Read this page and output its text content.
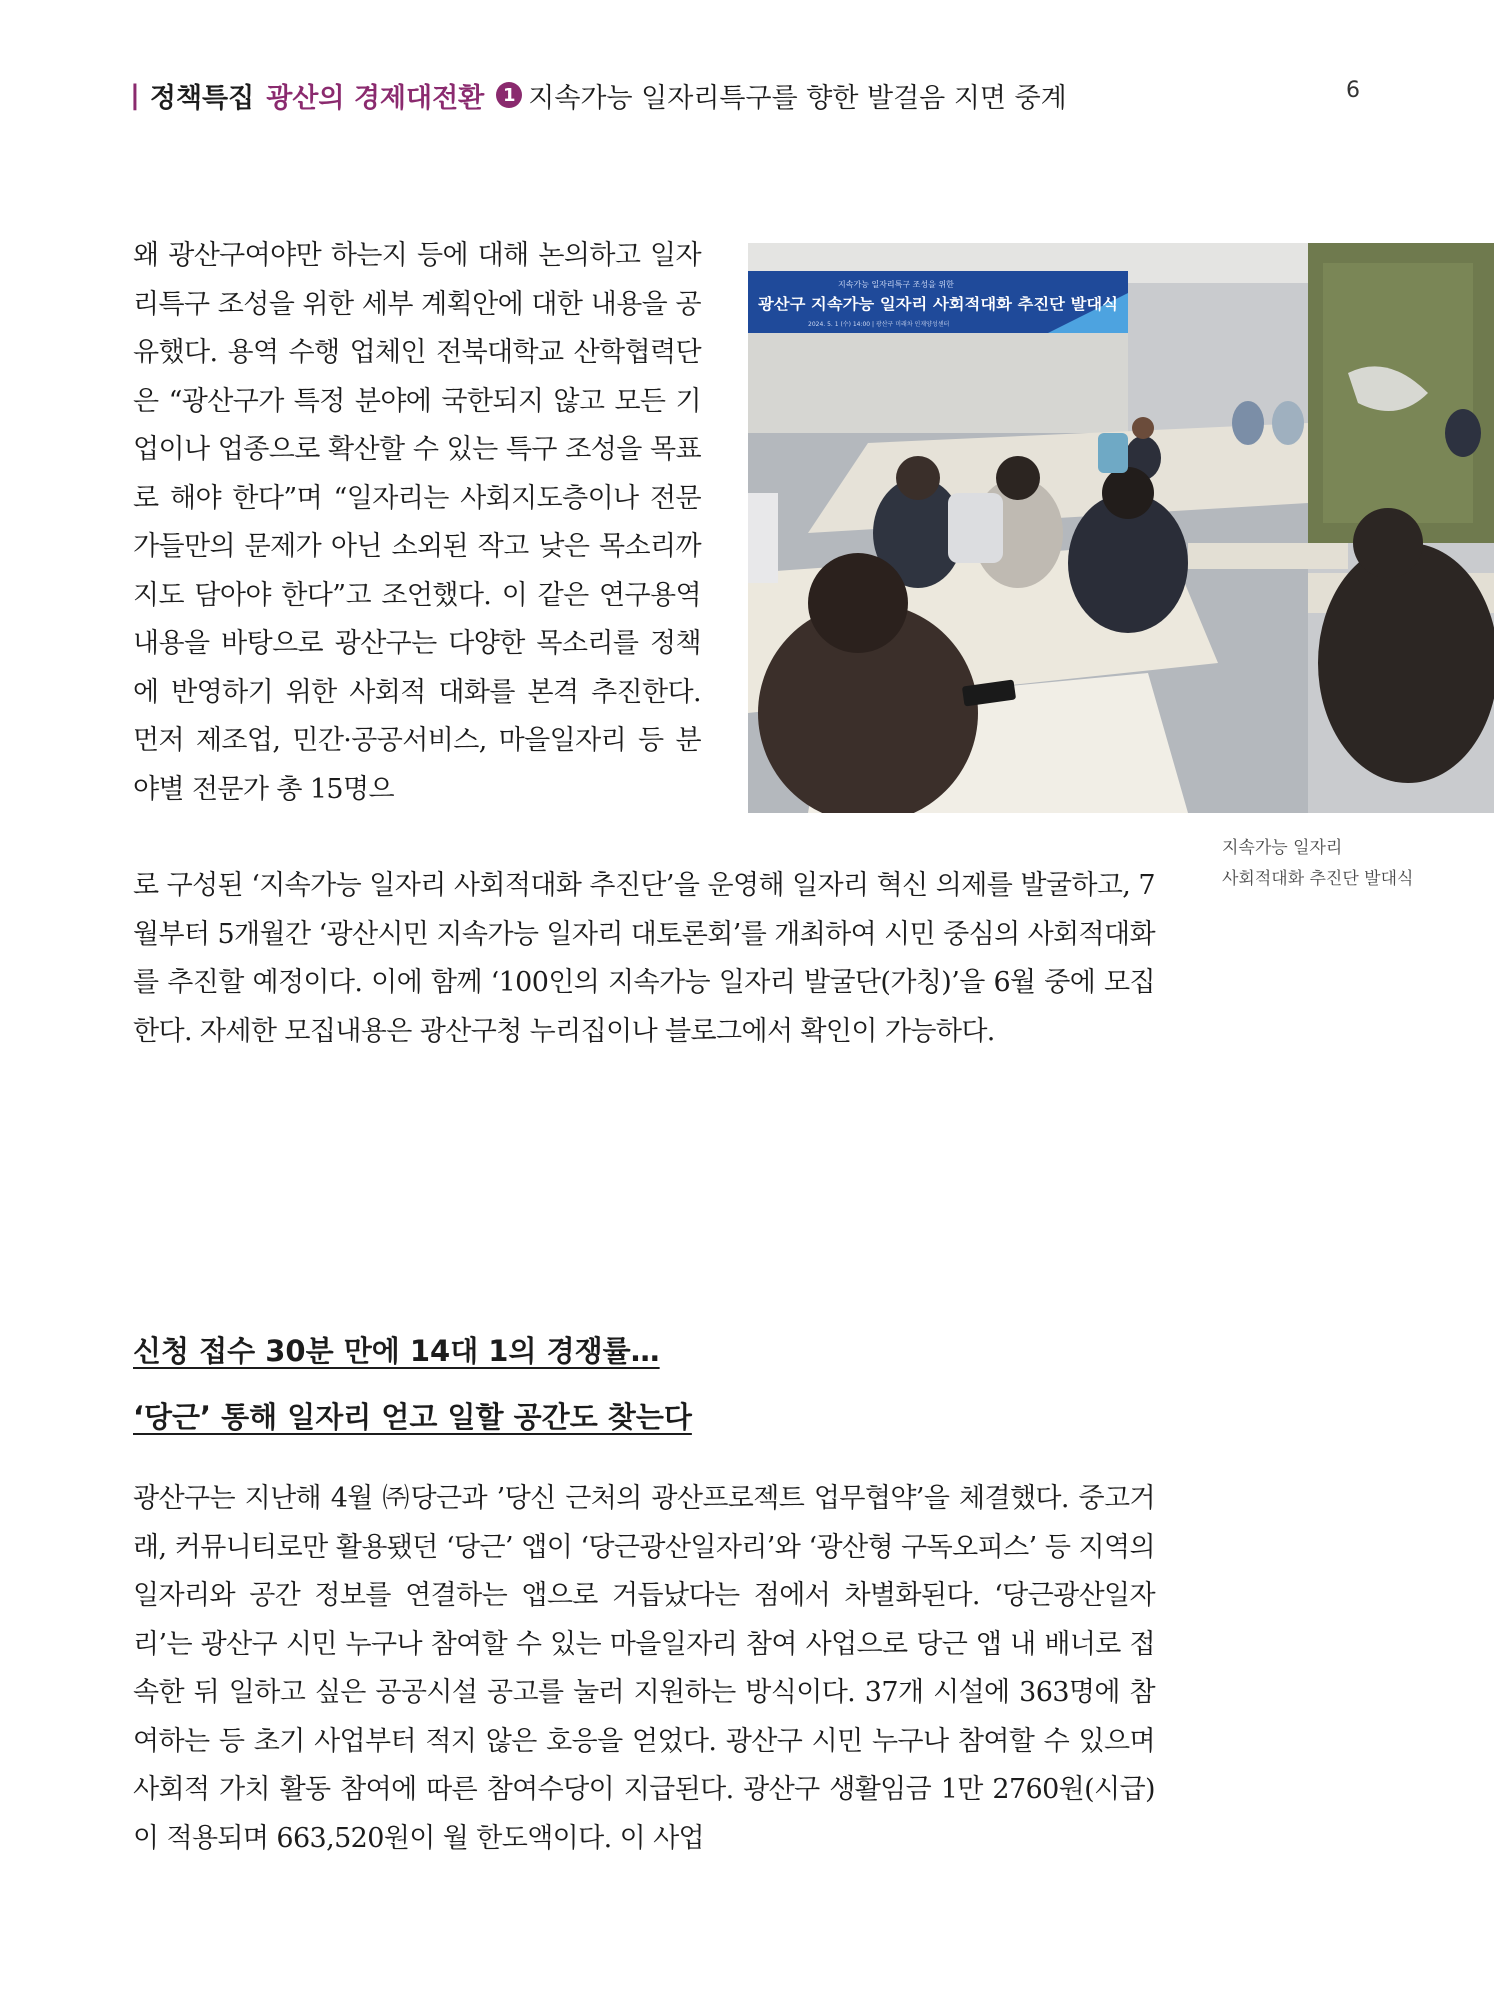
| 정책특집 광산의 경제대전환	1 지속가능 일자리특구를 향한 발걸음 지면 중계	6

왜 광산구여야만 하는지 등에 대해 논의하고 일자리특구 조성을 위한 세부 계획안에 대한 내용을 공유했다. 용역 수행 업체인 전북대학교 산학협력단은 “광산구가 특정 분야에 국한되지 않고 모든 기업이나 업종으로 확산할 수 있는 특구 조성을 목표로 해야 한다”며 “일자리는 사회지도층이나 전문가들만의 문제가 아닌 소외된 작고 낮은 목소리까지도 담아야 한다”고 조언했다. 이 같은 연구용역 내용을 바탕으로 광산구는 다양한 목소리를 정책에 반영하기 위한 사회적 대화를 본격 추진한다. 먼저 제조업, 민간·공공서비스, 마을일자리 등 분야별 전문가 총 15명으

지속가능 일자리특구 조성을 위한
광산구 지속가능 일자리 사회적대화 추진단 발대식
2024. 5. 1 (수) 14:00 | 광산구 미래차 인재양성센터
지속가능 일자리
사회적대화 추진단 발대식

로 구성된 ‘지속가능 일자리 사회적대화 추진단’을 운영해 일자리 혁신 의제를 발굴하고, 7월부터 5개월간 ‘광산시민 지속가능 일자리 대토론회’를 개최하여 시민 중심의 사회적대화를 추진할 예정이다. 이에 함께 ‘100인의 지속가능 일자리 발굴단(가칭)’을 6월 중에 모집한다. 자세한 모집내용은 광산구청 누리집이나 블로그에서 확인이 가능하다.

신청 접수 30분 만에 14대 1의 경쟁률…
‘당근’ 통해 일자리 얻고 일할 공간도 찾는다

광산구는 지난해 4월 ㈜당근과 ’당신 근처의 광산프로젝트 업무협약’을 체결했다. 중고거래, 커뮤니티로만 활용됐던 ‘당근’ 앱이 ‘당근광산일자리’와 ‘광산형 구독오피스’ 등 지역의 일자리와 공간 정보를 연결하는 앱으로 거듭났다는 점에서 차별화된다. ‘당근광산일자리’는 광산구 시민 누구나 참여할 수 있는 마을일자리 참여 사업으로 당근 앱 내 배너로 접속한 뒤 일하고 싶은 공공시설 공고를 눌러 지원하는 방식이다. 37개 시설에 363명에 참여하는 등 초기 사업부터 적지 않은 호응을 얻었다. 광산구 시민 누구나 참여할 수 있으며 사회적 가치 활동 참여에 따른 참여수당이 지급된다. 광산구 생활임금 1만 2760원(시급)이 적용되며 663,520원이 월 한도액이다. 이 사업
